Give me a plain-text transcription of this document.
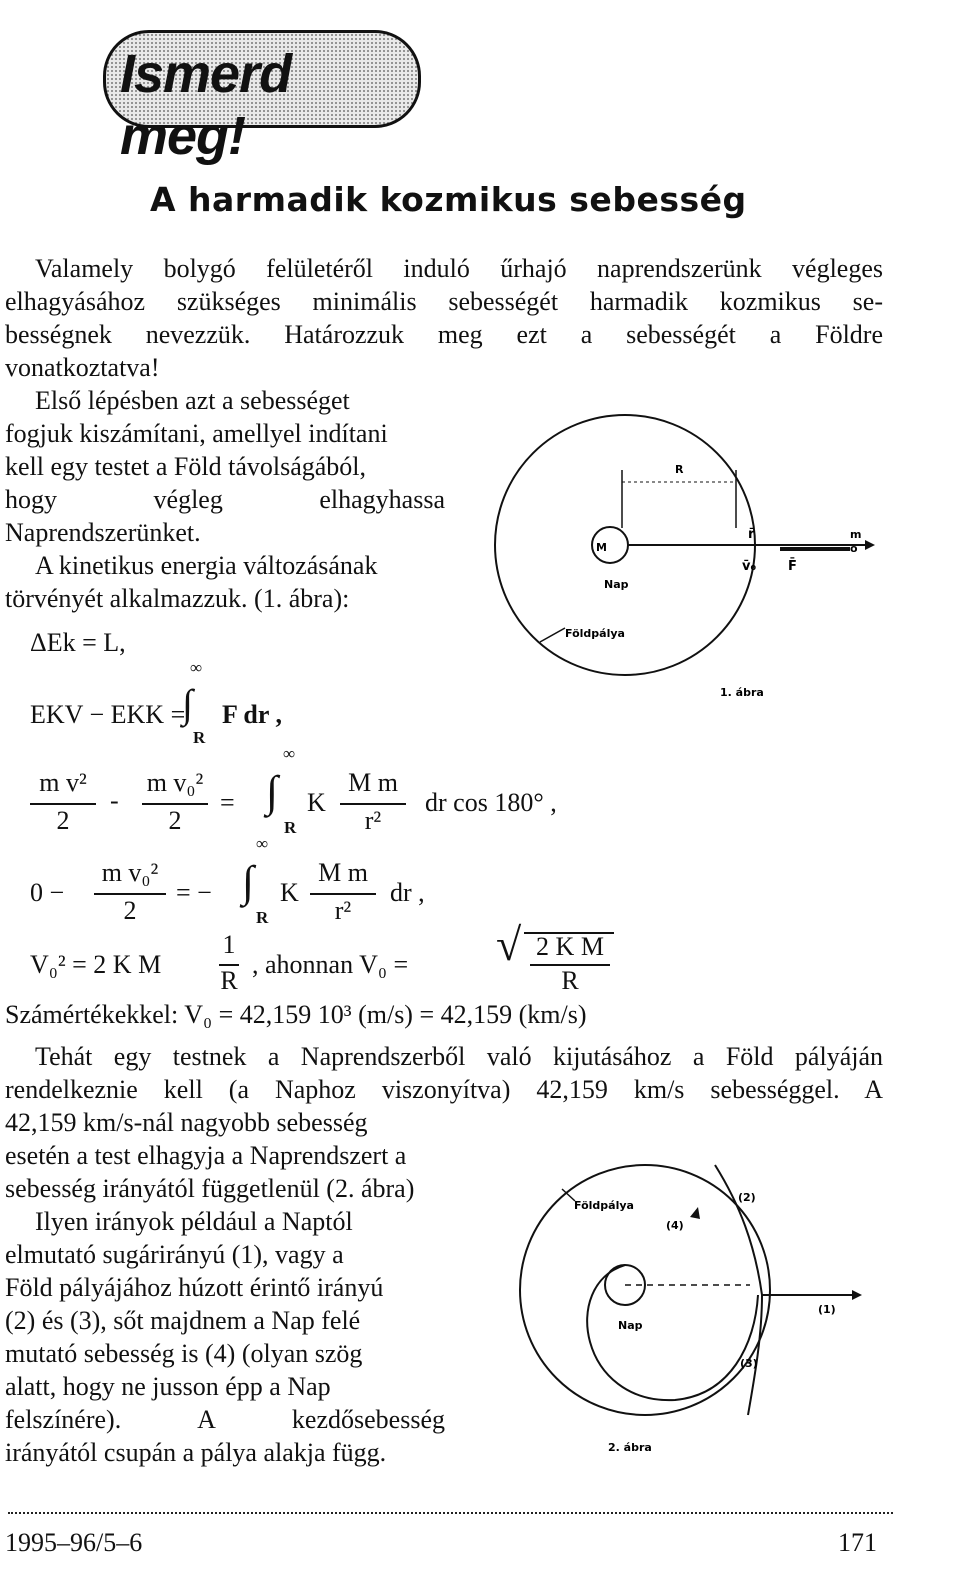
Ismerd meg!
A harmadik kozmikus sebesség
Valamely bolygó felületéről induló űrhajó naprendszerünk végleges
elhagyásához szükséges minimális sebességét harmadik kozmikus se-
bességnek nevezzük. Határozzuk meg ezt a sebességét a Földre
vonatkoztatva!
Első lépésben azt a sebességet
fogjuk kiszámítani, amellyel indítani
kell egy testet a Föld távolságából,
hogy végleg elhagyhassa
Naprendszerünket.
A kinetikus energia változásának
törvényét alkalmazzuk. (1. ábra):
ΔEk = L,
EKV − EKK =
∞
∫
R
F dr ,
m v²
2
-
m v₀²
2
=
∞
∫
R
K
M m
r²
dr cos 180° ,
0 −
m v₀²
2
= −
∞
∫
R
K
M m
r²
dr ,
V₀² = 2 K M
1
R
, ahonnan V₀ = √ 2 K M
R
Számértékekkel: V₀ = 42,159 10³ (m/s) = 42,159 (km/s)
Tehát egy testnek a Naprendszerből való kijutásához a Föld pályáján
rendelkeznie kell (a Naphoz viszonyítva) 42,159 km/s sebességgel. A
42,159 km/s-nál nagyobb sebesség
esetén a test elhagyja a Naprendszert a
sebesség irányától függetlenül (2. ábra)
Ilyen irányok például a Naptól
elmutató sugárirányú (1), vagy a
Föld pályájához húzott érintő irányú
(2) és (3), sőt majdnem a Nap felé
mutató sebesség is (4) (olyan szög
alatt, hogy ne jusson épp a Nap
felszínére). A kezdősebesség
irányától csupán a pálya alakja függ.
R
M
Nap
Földpálya
r̄
v̄₀ F̄
m
o
1. ábra
Földpálya
Nap
(1)
(2)
(3)
(4)
2. ábra
1995–96/5–6	171
